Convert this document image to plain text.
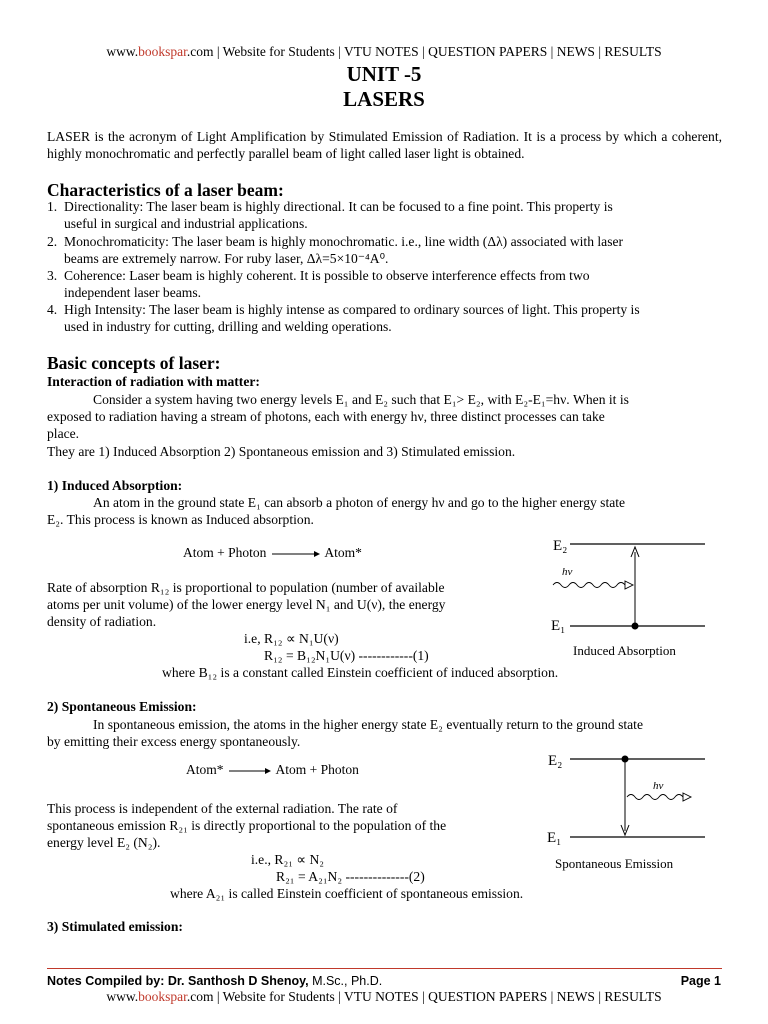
www.bookspar.com | Website for Students | VTU NOTES | QUESTION PAPERS | NEWS | RESULTS
UNIT -5
LASERS
LASER is the acronym of Light Amplification by Stimulated Emission of Radiation. It is a process by which a coherent, highly monochromatic and perfectly parallel beam of light called laser light is obtained.
Characteristics of a laser beam:
1. Directionality: The laser beam is highly directional. It can be focused to a fine point. This property is
useful in surgical and industrial applications.
2. Monochromaticity: The laser beam is highly monochromatic. i.e., line width (Δλ) associated with laser
beams are extremely narrow. For ruby laser, Δλ=5×10⁻⁴A⁰.
3. Coherence: Laser beam is highly coherent. It is possible to observe interference effects from two
independent laser beams.
4. High Intensity: The laser beam is highly intense as compared to ordinary sources of light. This property is
used in industry for cutting, drilling and welding operations.
Basic concepts of laser:
Interaction of radiation with matter:
Consider a system having two energy levels E₁ and E₂ such that E₁> E₂, with E₂-E₁=hν. When it is
exposed to radiation having a stream of photons, each with energy hν, three distinct processes can take
place.
They are 1) Induced Absorption 2) Spontaneous emission and 3) Stimulated emission.
1) Induced Absorption:
An atom in the ground state E₁ can absorb a photon of energy hν and go to the higher energy state
E₂. This process is known as Induced absorption.
Atom + Photon → Atom*
Rate of absorption R₁₂ is proportional to population (number of available
atoms per unit volume) of the lower energy level N₁ and U(ν), the energy
density of radiation.
i.e, R₁₂ ∝ N₁U(ν)
R₁₂ = B₁₂N₁U(ν) ------------(1)
where B₁₂ is a constant called Einstein coefficient of induced absorption.
E₂
E₁
hν
Induced Absorption
2) Spontaneous Emission:
In spontaneous emission, the atoms in the higher energy state E₂ eventually return to the ground state
by emitting their excess energy spontaneously.
Atom* → Atom + Photon
This process is independent of the external radiation. The rate of
spontaneous emission R₂₁ is directly proportional to the population of the
energy level E₂ (N₂).
i.e., R₂₁ ∝ N₂
R₂₁ = A₂₁N₂ --------------(2)
where A₂₁ is called Einstein coefficient of spontaneous emission.
E₂
E₁
hν
Spontaneous Emission
3) Stimulated emission:
Notes Compiled by: Dr. Santhosh D Shenoy, M.Sc., Ph.D.	Page 1
www.bookspar.com | Website for Students | VTU NOTES | QUESTION PAPERS | NEWS | RESULTS
